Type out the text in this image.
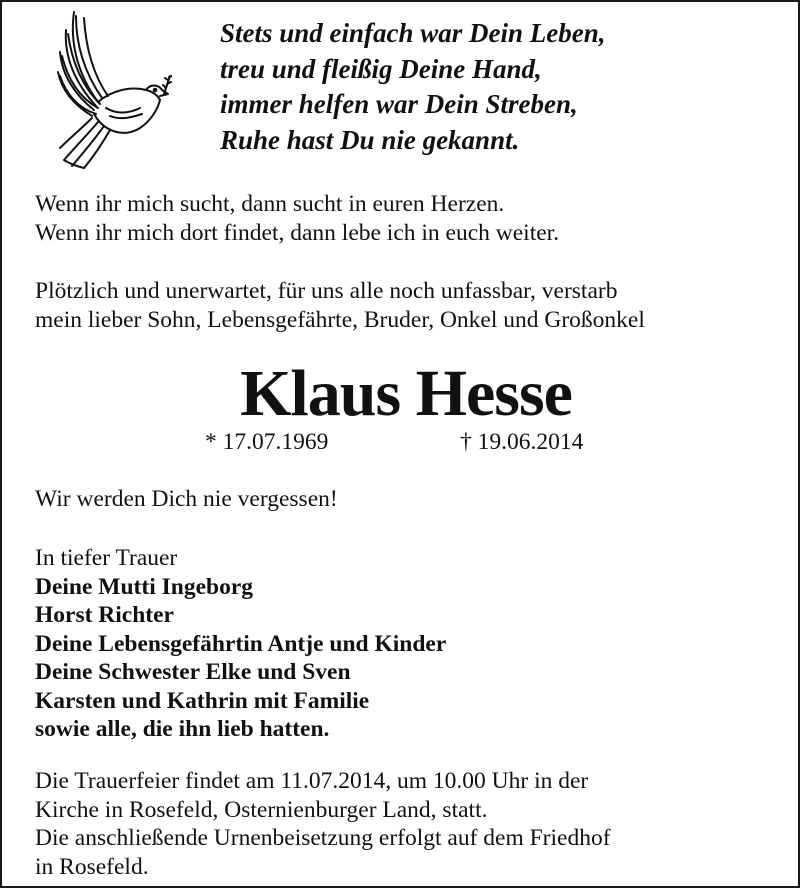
Stets und einfach war Dein Leben,
treu und fleißig Deine Hand,
immer helfen war Dein Streben,
Ruhe hast Du nie gekannt.
Wenn ihr mich sucht, dann sucht in euren Herzen.
Wenn ihr mich dort findet, dann lebe ich in euch weiter.
Plötzlich und unerwartet, für uns alle noch unfassbar, verstarb
mein lieber Sohn, Lebensgefährte, Bruder, Onkel und Großonkel
Klaus Hesse
* 17.07.1969	† 19.06.2014
Wir werden Dich nie vergessen!
In tiefer Trauer
Deine Mutti Ingeborg
Horst Richter
Deine Lebensgefährtin Antje und Kinder
Deine Schwester Elke und Sven
Karsten und Kathrin mit Familie
sowie alle, die ihn lieb hatten.
Die Trauerfeier findet am 11.07.2014, um 10.00 Uhr in der
Kirche in Rosefeld, Osternienburger Land, statt.
Die anschließende Urnenbeisetzung erfolgt auf dem Friedhof
in Rosefeld.
